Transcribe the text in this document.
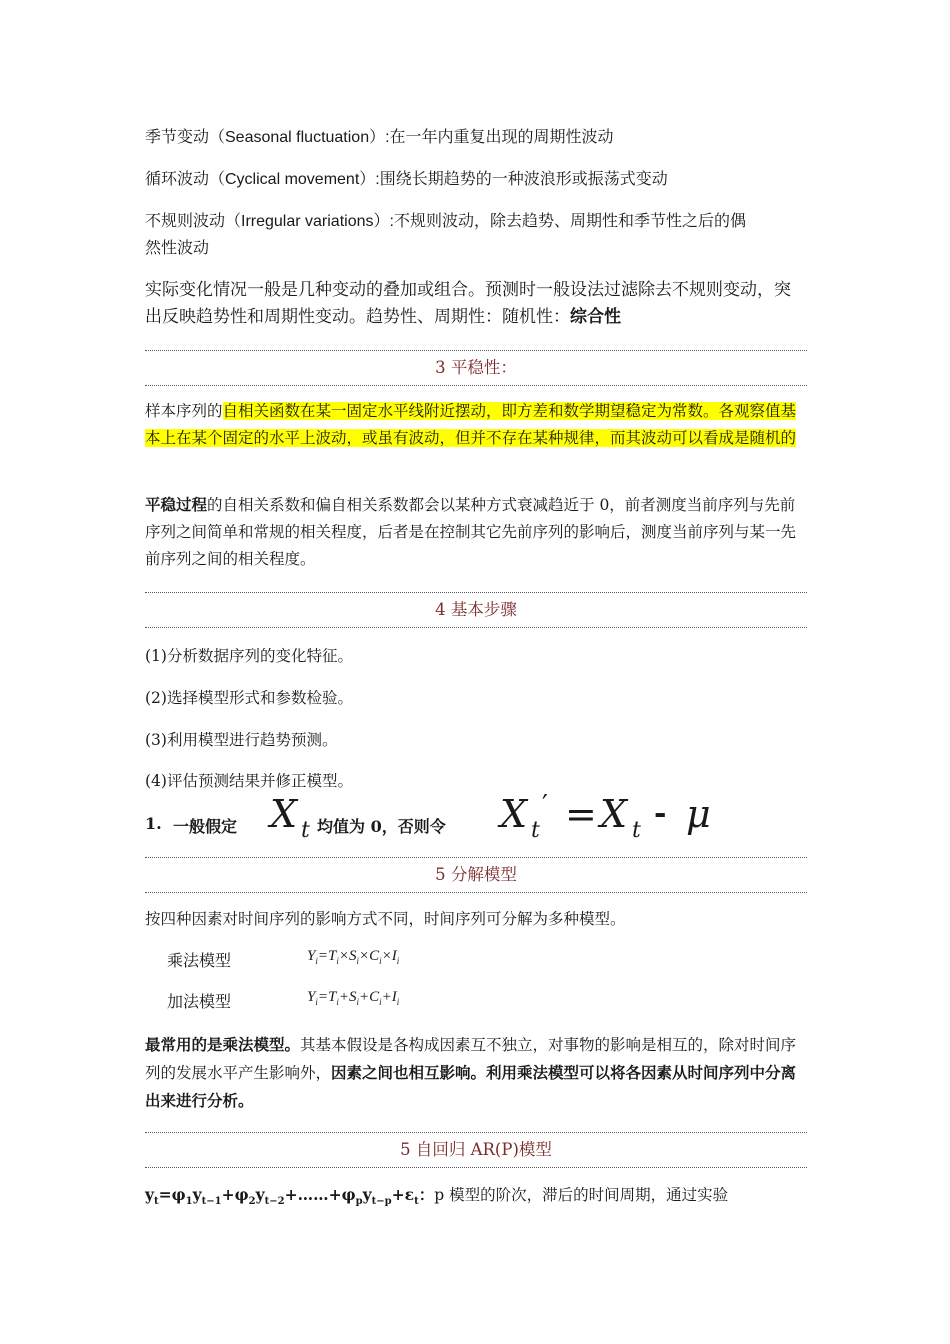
季节变动（Seasonal fluctuation）:在一年内重复出现的周期性波动
循环波动（Cyclical movement）:围绕长期趋势的一种波浪形或振荡式变动
不规则波动（Irregular variations）:不规则波动，除去趋势、周期性和季节性之后的偶
然性波动
实际变化情况一般是几种变动的叠加或组合。预测时一般设法过滤除去不规则变动，突出反映趋势性和周期性变动。趋势性、周期性：随机性：综合性
3 平稳性：
样本序列的自相关函数在某一固定水平线附近摆动，即方差和数学期望稳定为常数。各观察值基本上在某个固定的水平上波动，或虽有波动，但并不存在某种规律，而其波动可以看成是随机的
平稳过程的自相关系数和偏自相关系数都会以某种方式衰减趋近于 0，前者测度当前序列与先前序列之间简单和常规的相关程度，后者是在控制其它先前序列的影响后，测度当前序列与某一先前序列之间的相关程度。
4 基本步骤
(1)分析数据序列的变化特征。
(2)选择模型形式和参数检验。
(3)利用模型进行趋势预测。
(4)评估预测结果并修正模型。
1. 一般假定 X t 均值为 0，否则令 X t
′ = X t - μ
5 分解模型
按四种因素对时间序列的影响方式不同，时间序列可分解为多种模型。
乘法模型	$Y_i=T_i\times S_i\times C_i\times I_i$
加法模型	$Y_i=T_i+S_i+C_i+I_i$
最常用的是乘法模型。其基本假设是各构成因素互不独立，对事物的影响是相互的，除对时间序列的发展水平产生影响外，因素之间也相互影响。利用乘法模型可以将各因素从时间序列中分离出来进行分析。
5 自回归 AR(P)模型
$y_t=\varphi_1y_{t-1}+\varphi_2y_{t-2}+\dots\dots+\varphi_py_{t-p}+\varepsilon_t$：p 模型的阶次，滞后的时间周期，通过实验
